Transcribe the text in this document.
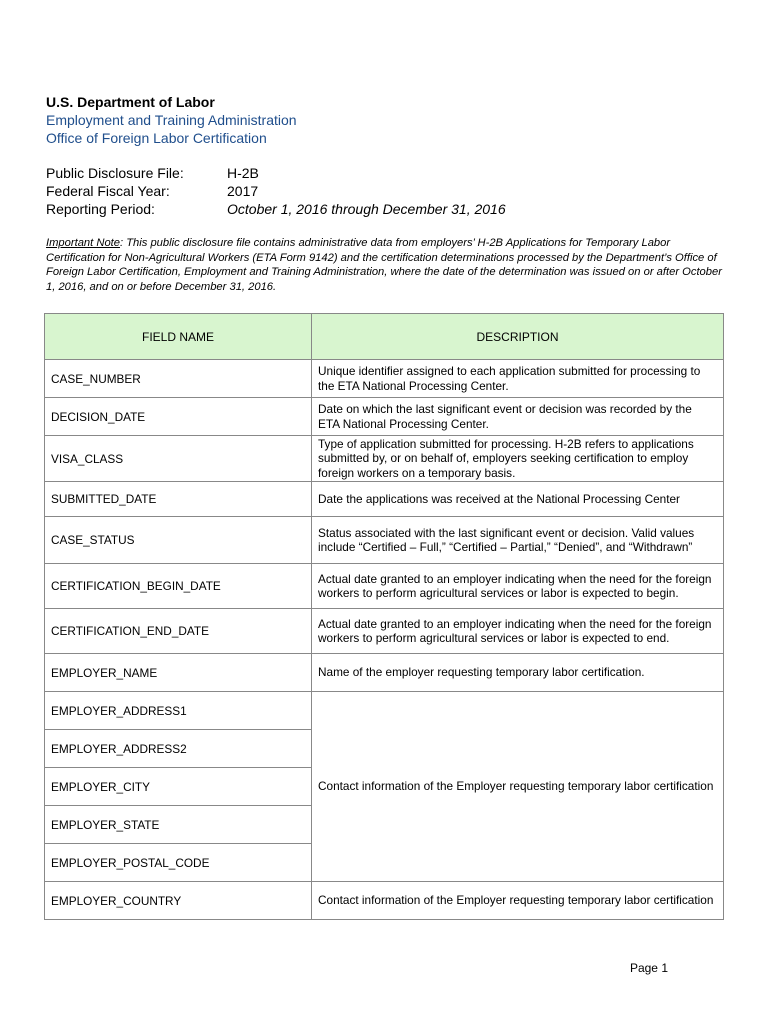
U.S. Department of Labor
Employment and Training Administration
Office of Foreign Labor Certification
Public Disclosure File:	H-2B
Federal Fiscal Year:	2017
Reporting Period:	October 1, 2016 through December 31, 2016
Important Note: This public disclosure file contains administrative data from employers’ H-2B Applications for Temporary Labor Certification for Non-Agricultural Workers (ETA Form 9142) and the certification determinations processed by the Department’s Office of Foreign Labor Certification, Employment and Training Administration, where the date of the determination was issued on or after October 1, 2016, and on or before December 31, 2016.
FIELD NAME	DESCRIPTION
CASE_NUMBER	Unique identifier assigned to each application submitted for processing to the ETA National Processing Center.
DECISION_DATE	Date on which the last significant event or decision was recorded by the ETA National Processing Center.
VISA_CLASS	Type of application submitted for processing. H-2B refers to applications submitted by, or on behalf of, employers seeking certification to employ foreign workers on a temporary basis.
SUBMITTED_DATE	Date the applications was received at the National Processing Center
CASE_STATUS	Status associated with the last significant event or decision. Valid values include “Certified – Full,” “Certified – Partial,” “Denied”, and “Withdrawn”
CERTIFICATION_BEGIN_DATE	Actual date granted to an employer indicating when the need for the foreign workers to perform agricultural services or labor is expected to begin.
CERTIFICATION_END_DATE	Actual date granted to an employer indicating when the need for the foreign workers to perform agricultural services or labor is expected to end.
EMPLOYER_NAME	Name of the employer requesting temporary labor certification.
EMPLOYER_ADDRESS1	Contact information of the Employer requesting temporary labor certification
EMPLOYER_ADDRESS2	
EMPLOYER_CITY	
EMPLOYER_STATE	
EMPLOYER_POSTAL_CODE	
EMPLOYER_COUNTRY	Contact information of the Employer requesting temporary labor certification
Page 1
